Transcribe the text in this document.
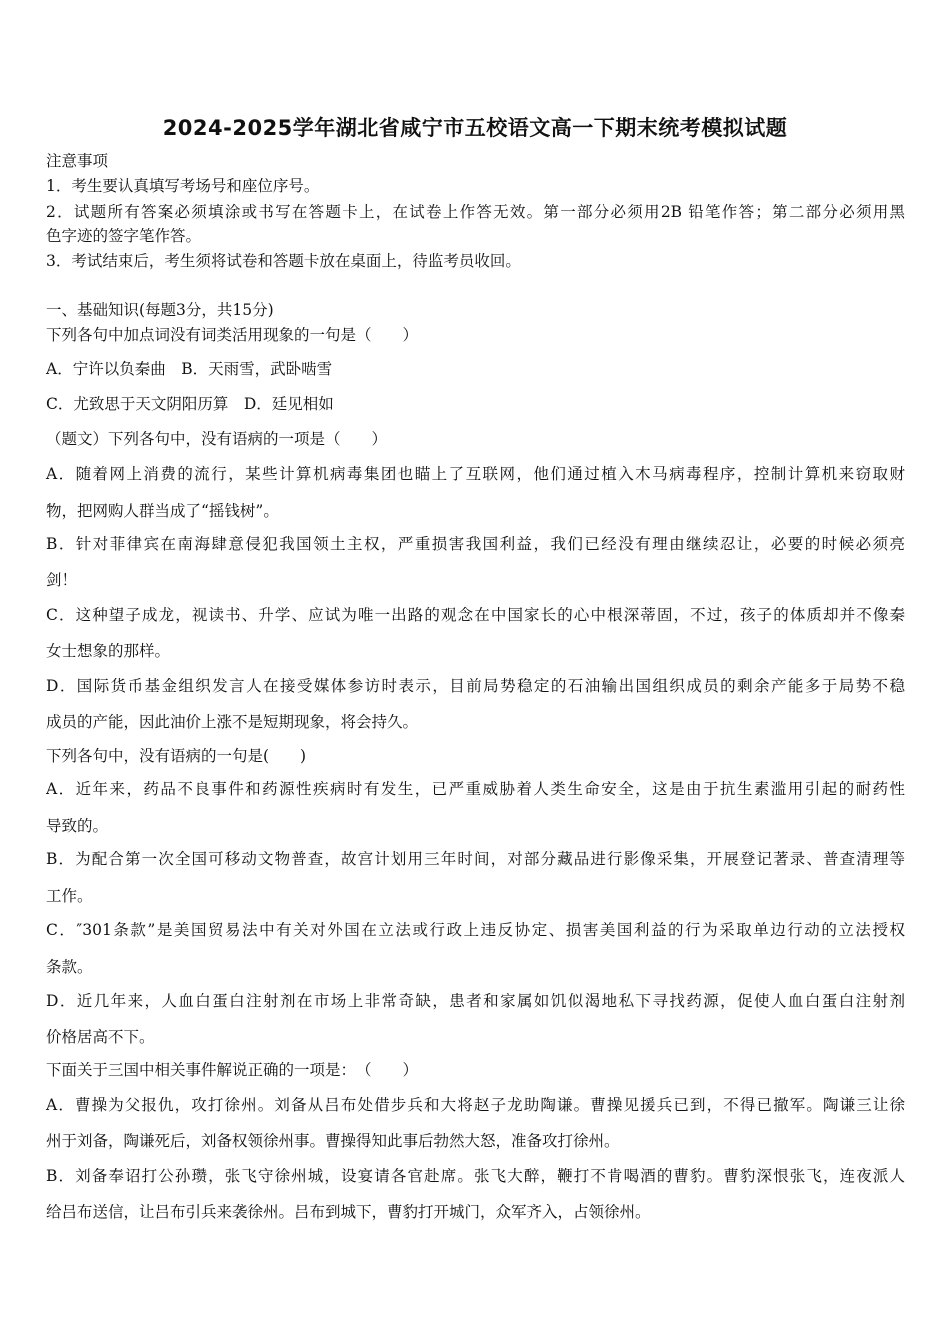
2024-2025学年湖北省咸宁市五校语文高一下期末统考模拟试题
注意事项
1．考生要认真填写考场号和座位序号。
2．试题所有答案必须填涂或书写在答题卡上，在试卷上作答无效。第一部分必须用2B 铅笔作答；第二部分必须用黑
色字迹的签字笔作答。
3．考试结束后，考生须将试卷和答题卡放在桌面上，待监考员收回。
一、基础知识(每题3分，共15分)
下列各句中加点词没有词类活用现象的一句是（　　）
A．宁许以负秦曲　B．天雨雪，武卧啮雪
C．尤致思于天文阴阳历算　D．廷见相如
（题文）下列各句中，没有语病的一项是（　　）
A．随着网上消费的流行，某些计算机病毒集团也瞄上了互联网，他们通过植入木马病毒程序，控制计算机来窃取财
物，把网购人群当成了“摇钱树”。
B．针对菲律宾在南海肆意侵犯我国领土主权，严重损害我国利益，我们已经没有理由继续忍让，必要的时候必须亮
剑！
C．这种望子成龙，视读书、升学、应试为唯一出路的观念在中国家长的心中根深蒂固，不过，孩子的体质却并不像秦
女士想象的那样。
D．国际货币基金组织发言人在接受媒体参访时表示，目前局势稳定的石油输出国组织成员的剩余产能多于局势不稳
成员的产能，因此油价上涨不是短期现象，将会持久。
下列各句中，没有语病的一句是(　　)
A．近年来，药品不良事件和药源性疾病时有发生，已严重威胁着人类生命安全，这是由于抗生素滥用引起的耐药性
导致的。
B．为配合第一次全国可移动文物普查，故宫计划用三年时间，对部分藏品进行影像采集，开展登记著录、普查清理等
工作。
C．″301条款”是美国贸易法中有关对外国在立法或行政上违反协定、损害美国利益的行为采取单边行动的立法授权
条款。
D．近几年来，人血白蛋白注射剂在市场上非常奇缺，患者和家属如饥似渴地私下寻找药源，促使人血白蛋白注射剂
价格居高不下。
下面关于三国中相关事件解说正确的一项是：　（　　）
A．曹操为父报仇，攻打徐州。刘备从吕布处借步兵和大将赵子龙助陶谦。曹操见援兵已到，不得已撤军。陶谦三让徐
州于刘备，陶谦死后，刘备权领徐州事。曹操得知此事后勃然大怒，准备攻打徐州。
B．刘备奉诏打公孙瓒，张飞守徐州城，设宴请各官赴席。张飞大醉，鞭打不肯喝酒的曹豹。曹豹深恨张飞，连夜派人
给吕布送信，让吕布引兵来袭徐州。吕布到城下，曹豹打开城门，众军齐入，占领徐州。
